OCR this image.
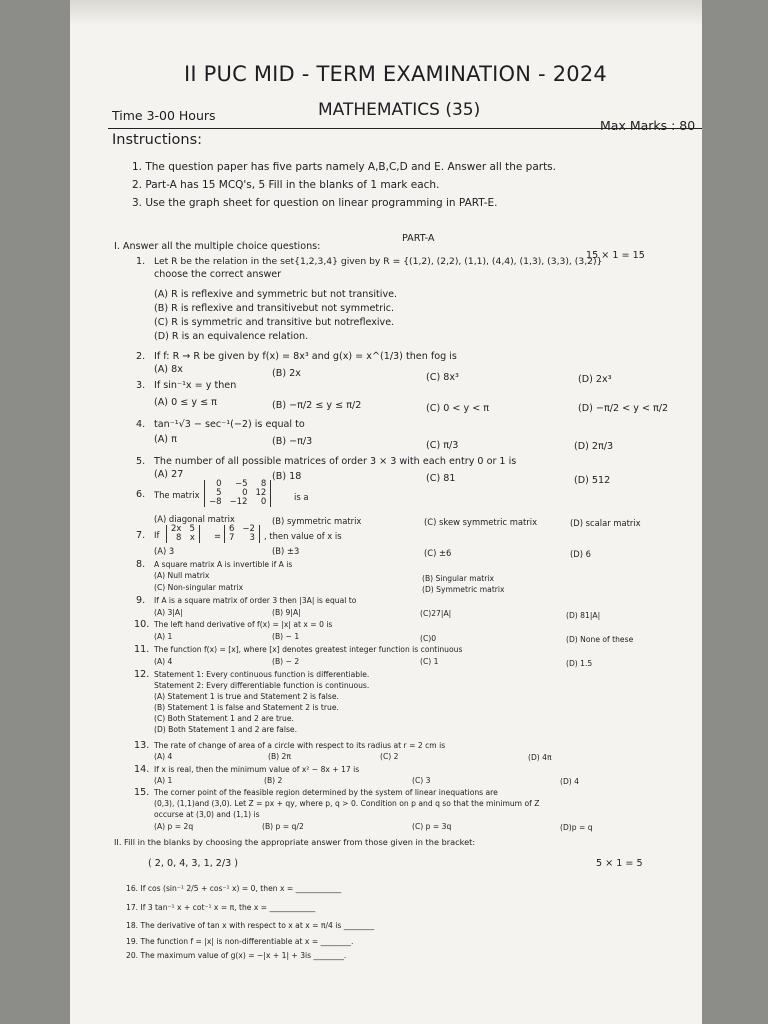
II PUC MID - TERM EXAMINATION - 2024
MATHEMATICS (35)
Time 3-00 Hours
Max Marks : 80
Instructions:
1. The question paper has five parts namely A,B,C,D and E. Answer all the parts.
2. Part-A has 15 MCQ's, 5 Fill in the blanks of 1 mark each.
3. Use the graph sheet for question on linear programming in PART-E.
PART-A
I. Answer all the multiple choice questions:
15 × 1 = 15
1. Let R be the relation in the set{1,2,3,4} given by R = {(1,2), (2,2), (1,1), (4,4), (1,3), (3,3), (3,2)}
choose the correct answer
(A) R is reflexive and symmetric but not transitive.
(B) R is reflexive and transitivebut not symmetric.
(C) R is symmetric and transitive but notreflexive.
(D) R is an equivalence relation.
2. If f: R → R be given by f(x) = 8x³ and g(x) = x^(1/3) then fog is
(A) 8x	(B) 2x	(C) 8x³	(D) 2x³
3. If sin⁻¹x = y then
(A) 0 ≤ y ≤ π	(B) −π/2 ≤ y ≤ π/2	(C) 0 < y < π	(D) −π/2 < y < π/2
4. tan⁻¹√3 − sec⁻¹(−2) is equal to
(A) π	(B) −π/3	(C) π/3	(D) 2π/3
5. The number of all possible matrices of order 3 × 3 with each entry 0 or 1 is
(A) 27	(B) 18	(C) 81	(D) 512
6. The matrix
0	−5	8
5	0	12
−8	−12	0	is a
(A) diagonal matrix	(B) symmetric matrix	(C) skew symmetric matrix	(D) scalar matrix
7. If
2x	5
8	x =
6	−2
7	3 , then value of x is
(A) 3	(B) ±3	(C) ±6	(D) 6
8. A square matrix A is invertible if A is
(A) Null matrix	(B) Singular matrix
(C) Non-singular matrix	(D) Symmetric matrix
9. If A is a square matrix of order 3 then |3A| is equal to
(A) 3|A|	(B) 9|A|	(C)27|A|	(D) 81|A|
10. The left hand derivative of f(x) = |x| at x = 0 is
(A) 1	(B) − 1	(C)0	(D) None of these
11. The function f(x) = [x], where [x] denotes greatest integer function is continuous
(A) 4	(B) − 2	(C) 1	(D) 1.5
12. Statement 1: Every continuous function is differentiable.
Statement 2: Every differentiable function is continuous.
(A) Statement 1 is true and Statement 2 is false.
(B) Statement 1 is false and Statement 2 is true.
(C) Both Statement 1 and 2 are true.
(D) Both Statement 1 and 2 are false.
13. The rate of change of area of a circle with respect to its radius at r = 2 cm is
(A) 4	(B) 2π	(C) 2	(D) 4π
14. If x is real, then the minimum value of x² − 8x + 17 is
(A) 1	(B) 2	(C) 3	(D) 4
15. The corner point of the feasible region determined by the system of linear inequations are
(0,3), (1,1)and (3,0). Let Z = px + qy, where p, q > 0. Condition on p and q so that the minimum of Z
occurse at (3,0) and (1,1) is
(A) p = 2q	(B) p = q/2	(C) p = 3q	(D)p = q
II. Fill in the blanks by choosing the appropriate answer from those given in the bracket:
( 2, 0, 4, 3, 1, 2/3 )	5 × 1 = 5
16. If cos (sin⁻¹ 2/5 + cos⁻¹ x) = 0, then x = ____________
17. If 3 tan⁻¹ x + cot⁻¹ x = π, the x = ____________
18. The derivative of tan x with respect to x at x = π/4 is ________
19. The function f = |x| is non-differentiable at x = ________.
20. The maximum value of g(x) = −|x + 1| + 3is ________.
